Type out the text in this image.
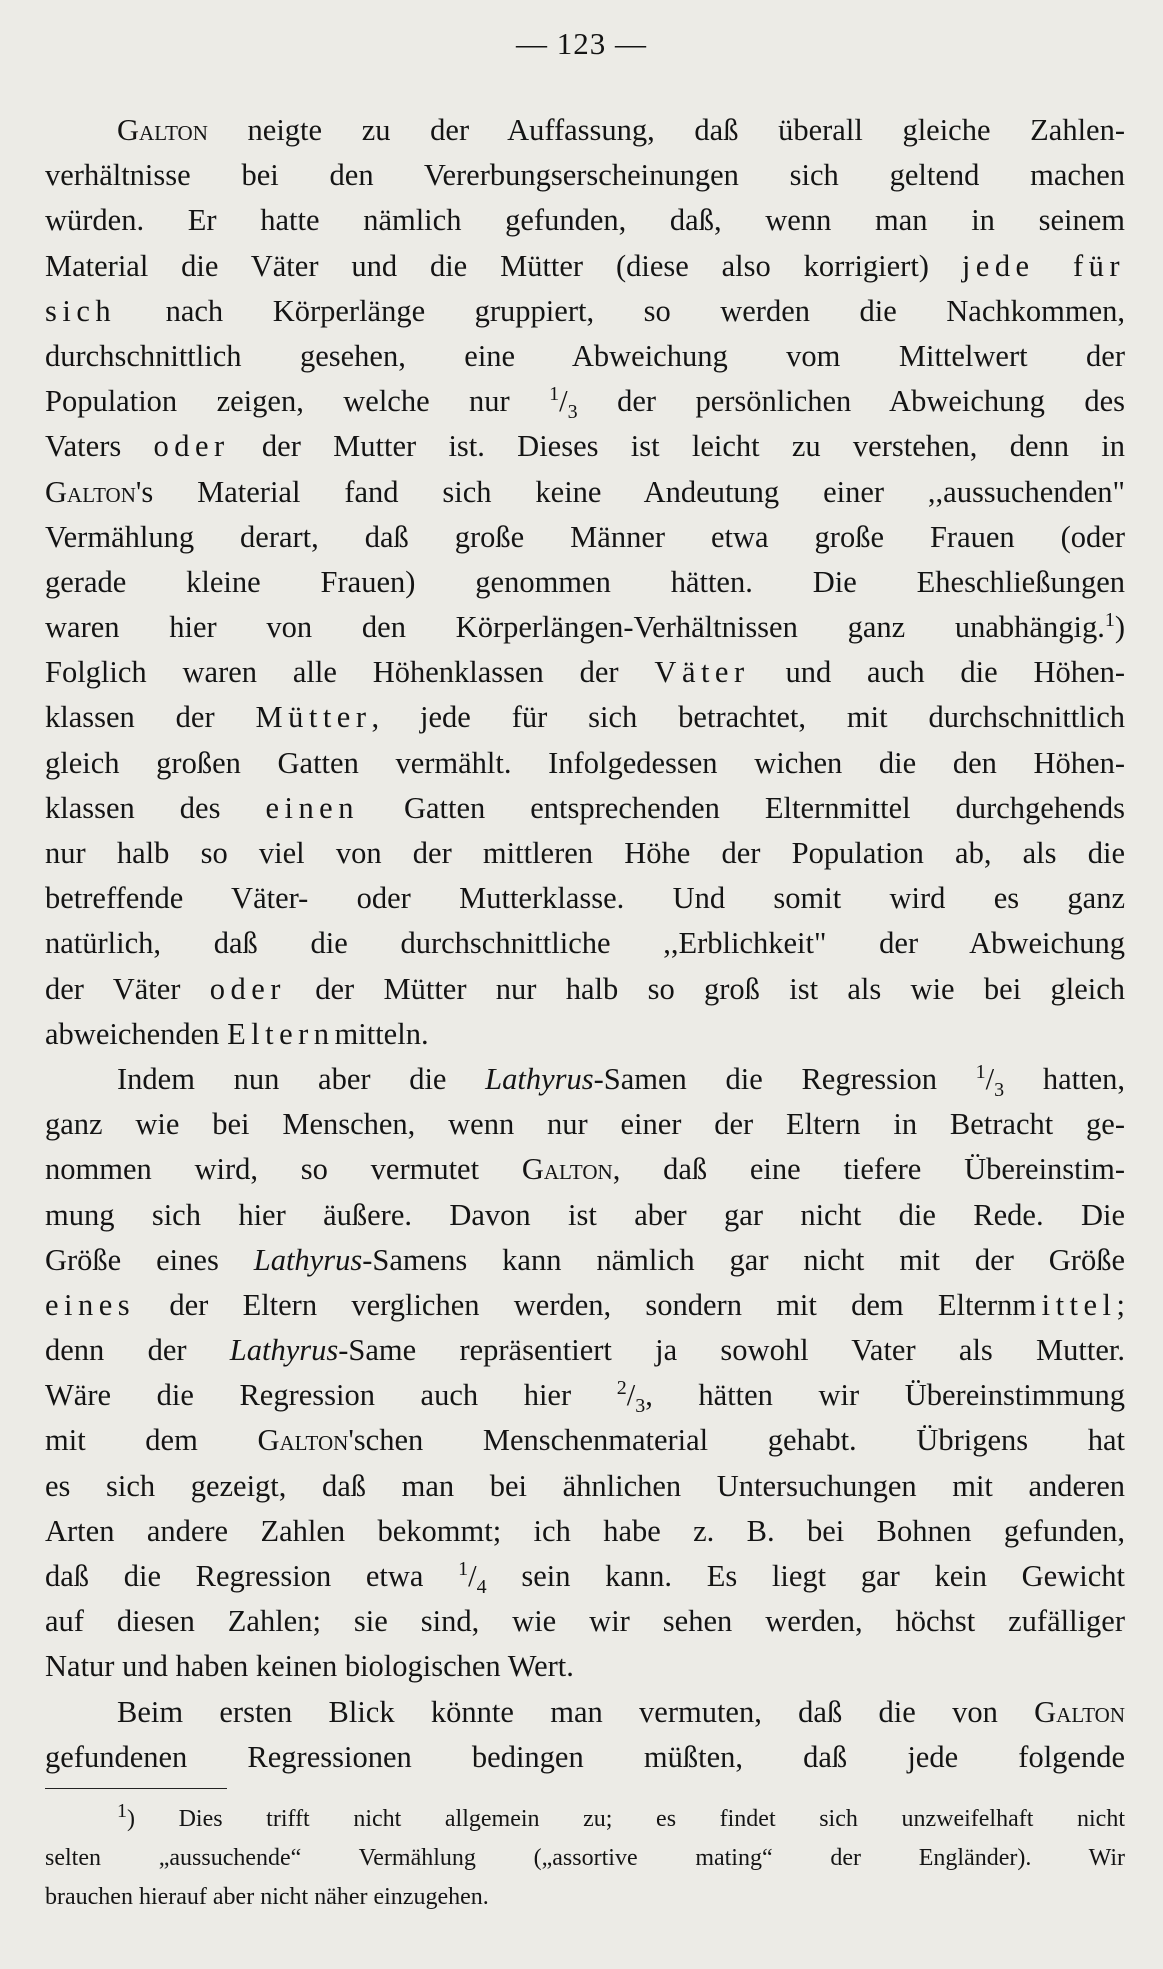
— 123 —
Galton neigte zu der Auffassung, daß überall gleiche Zahlen-
verhältnisse bei den Vererbungserscheinungen sich geltend machen
würden. Er hatte nämlich gefunden, daß, wenn man in seinem
Material die Väter und die Mütter (diese also korrigiert) jede für
sich nach Körperlänge gruppiert, so werden die Nachkommen,
durchschnittlich gesehen, eine Abweichung vom Mittelwert der
Population zeigen, welche nur $^1/_3$ der persönlichen Abweichung des
Vaters oder der Mutter ist. Dieses ist leicht zu verstehen, denn in
Galton's Material fand sich keine Andeutung einer ,,aussuchenden"
Vermählung derart, daß große Männer etwa große Frauen (oder
gerade kleine Frauen) genommen hätten. Die Eheschließungen
waren hier von den Körperlängen-Verhältnissen ganz unabhängig.$^1$)
Folglich waren alle Höhenklassen der Väter und auch die Höhen-
klassen der Mütter, jede für sich betrachtet, mit durchschnittlich
gleich großen Gatten vermählt. Infolgedessen wichen die den Höhen-
klassen des einen Gatten entsprechenden Elternmittel durchgehends
nur halb so viel von der mittleren Höhe der Population ab, als die
betreffende Väter- oder Mutterklasse. Und somit wird es ganz
natürlich, daß die durchschnittliche ,,Erblichkeit" der Abweichung
der Väter oder der Mütter nur halb so groß ist als wie bei gleich
abweichenden Elternmitteln.
Indem nun aber die Lathyrus-Samen die Regression $^1/_3$ hatten,
ganz wie bei Menschen, wenn nur einer der Eltern in Betracht ge-
nommen wird, so vermutet Galton, daß eine tiefere Übereinstim-
mung sich hier äußere. Davon ist aber gar nicht die Rede. Die
Größe eines Lathyrus-Samens kann nämlich gar nicht mit der Größe
eines der Eltern verglichen werden, sondern mit dem Elternmittel;
denn der Lathyrus-Same repräsentiert ja sowohl Vater als Mutter.
Wäre die Regression auch hier $^2/_3$, hätten wir Übereinstimmung
mit dem Galton'schen Menschenmaterial gehabt. Übrigens hat
es sich gezeigt, daß man bei ähnlichen Untersuchungen mit anderen
Arten andere Zahlen bekommt; ich habe z. B. bei Bohnen gefunden,
daß die Regression etwa $^1/_4$ sein kann. Es liegt gar kein Gewicht
auf diesen Zahlen; sie sind, wie wir sehen werden, höchst zufälliger
Natur und haben keinen biologischen Wert.
Beim ersten Blick könnte man vermuten, daß die von Galton
gefundenen Regressionen bedingen müßten, daß jede folgende
$^1$) Dies trifft nicht allgemein zu; es findet sich unzweifelhaft nicht
selten „aussuchende“ Vermählung („assortive mating“ der Engländer). Wir
brauchen hierauf aber nicht näher einzugehen.
